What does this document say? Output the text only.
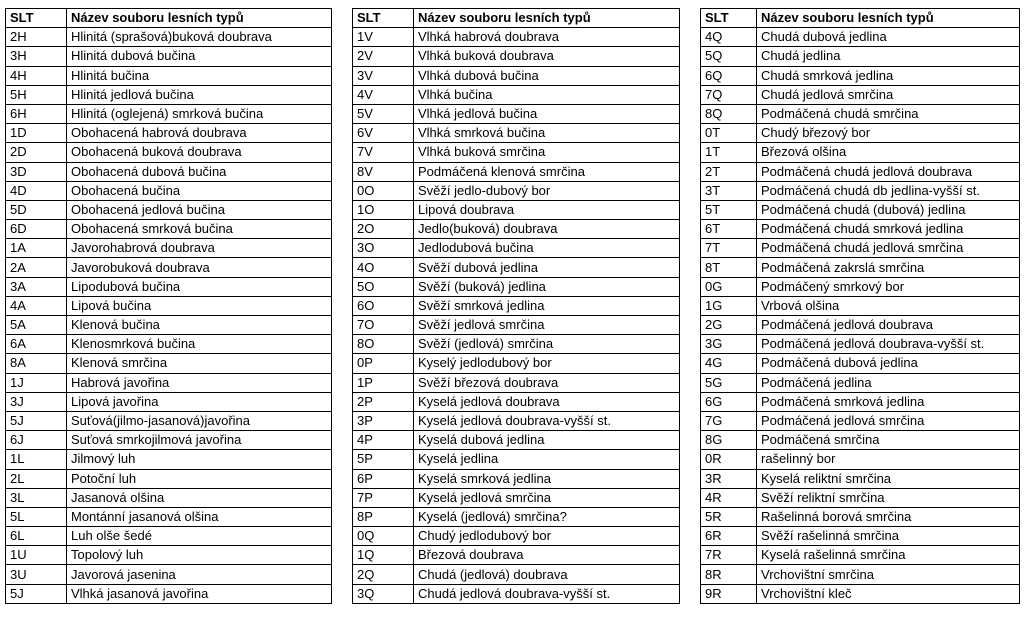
SLT	Název souboru lesních typů
2H	Hlinitá (sprašová)buková doubrava
3H	Hlinitá dubová bučina
4H	Hlinitá bučina
5H	Hlinitá jedlová bučina
6H	Hlinitá (oglejená) smrková bučina
1D	Obohacená habrová doubrava
2D	Obohacená buková doubrava
3D	Obohacená dubová bučina
4D	Obohacená bučina
5D	Obohacená jedlová bučina
6D	Obohacená smrková bučina
1A	Javorohabrová doubrava
2A	Javorobuková doubrava
3A	Lipodubová bučina
4A	Lipová bučina
5A	Klenová bučina
6A	Klenosmrková bučina
8A	Klenová smrčina
1J	Habrová javořina
3J	Lipová javořina
5J	Suťová(jilmo-jasanová)javořina
6J	Suťová smrkojilmová javořina
1L	Jilmový luh
2L	Potoční luh
3L	Jasanová olšina
5L	Montánní jasanová olšina
6L	Luh olše šedé
1U	Topolový luh
3U	Javorová jasenina
5J	Vlhká jasanová javořina
SLT	Název souboru lesních typů
1V	Vlhká habrová doubrava
2V	Vlhká buková doubrava
3V	Vlhká dubová bučina
4V	Vlhká bučina
5V	Vlhká jedlová bučina
6V	Vlhká smrková bučina
7V	Vlhká buková smrčina
8V	Podmáčená klenová smrčina
0O	Svěží jedlo-dubový bor
1O	Lipová doubrava
2O	Jedlo(buková) doubrava
3O	Jedlodubová bučina
4O	Svěží dubová jedlina
5O	Svěží (buková) jedlina
6O	Svěží smrková jedlina
7O	Svěží jedlová smrčina
8O	Svěží (jedlová) smrčina
0P	Kyselý jedlodubový bor
1P	Svěží březová doubrava
2P	Kyselá jedlová doubrava
3P	Kyselá jedlová doubrava-vyšší st.
4P	Kyselá dubová jedlina
5P	Kyselá jedlina
6P	Kyselá smrková jedlina
7P	Kyselá jedlová smrčina
8P	Kyselá (jedlová) smrčina?
0Q	Chudý jedlodubový bor
1Q	Březová doubrava
2Q	Chudá (jedlová) doubrava
3Q	Chudá jedlová doubrava-vyšší st.
SLT	Název souboru lesních typů
4Q	Chudá dubová jedlina
5Q	Chudá jedlina
6Q	Chudá smrková jedlina
7Q	Chudá jedlová smrčina
8Q	Podmáčená chudá smrčina
0T	Chudý březový bor
1T	Březová olšina
2T	Podmáčená chudá jedlová doubrava
3T	Podmáčená chudá db jedlina-vyšší st.
5T	Podmáčená chudá (dubová) jedlina
6T	Podmáčená chudá smrková jedlina
7T	Podmáčená chudá jedlová smrčina
8T	Podmáčená zakrslá smrčina
0G	Podmáčený smrkový bor
1G	Vrbová olšina
2G	Podmáčená jedlová doubrava
3G	Podmáčená jedlová doubrava-vyšší st.
4G	Podmáčená dubová jedlina
5G	Podmáčená jedlina
6G	Podmáčená smrková jedlina
7G	Podmáčená jedlová smrčina
8G	Podmáčená smrčina
0R	rašelinný bor
3R	Kyselá reliktní smrčina
4R	Svěží reliktní smrčina
5R	Rašelinná borová smrčina
6R	Svěží rašelinná smrčina
7R	Kyselá rašelinná smrčina
8R	Vrchovištní smrčina
9R	Vrchovištní kleč
